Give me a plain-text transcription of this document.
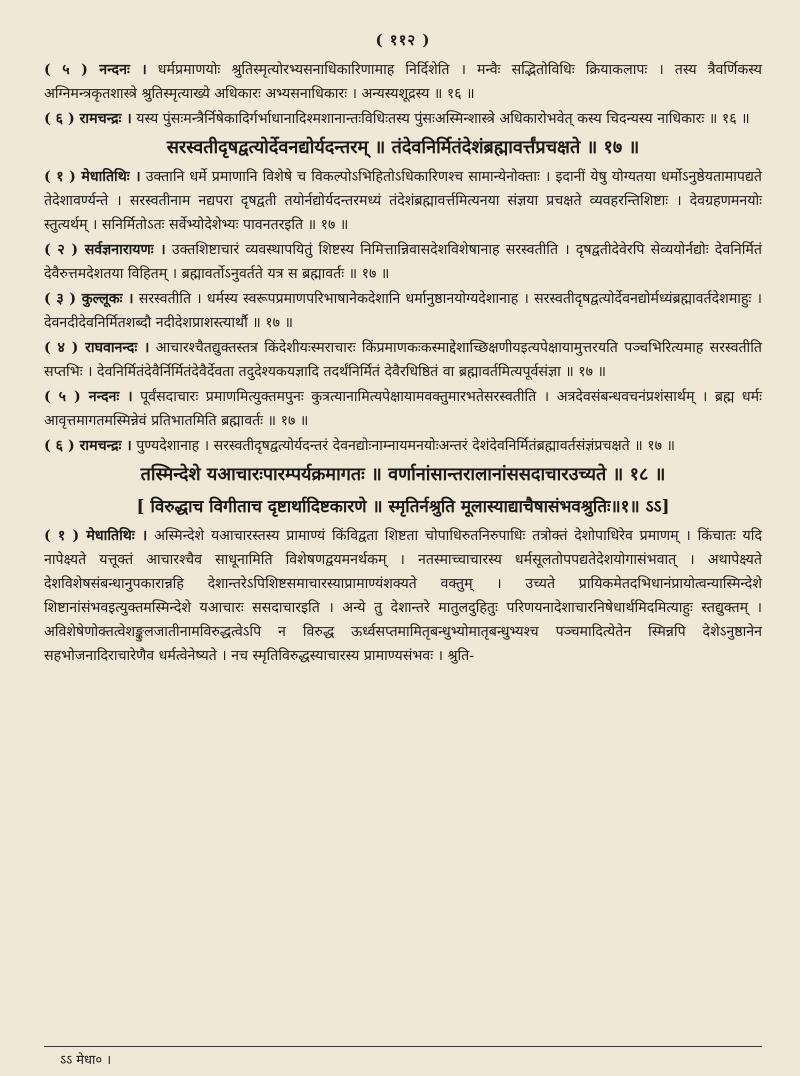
( ११२ )

( ५ ) नन्दनः । धर्मप्रमाणयोः श्रुतिस्मृत्योरभ्यसनाधिकारिणामाह निर्दिशेति । मन्वैः सद्भितोविधिः क्रियाकलापः । तस्य त्रैवर्णिकस्य अग्निमन्त्रकृतशास्त्रे श्रुतिस्मृत्याख्ये अधिकारः अभ्यसनाधिकारः । अन्यस्यशूद्रस्य ॥ १६ ॥

( ६ ) रामचन्द्रः । यस्य पुंसःमन्त्रैर्निषेकादिर्गर्भाधानादिश्मशानान्तःविधिःतस्य पुंसःअस्मिन्शास्त्रे अधिकारोभवेत् कस्य चिदन्यस्य नाधिकारः ॥ १६ ॥

सरस्वतीदृषद्वत्योर्देवनद्योर्यदन्तरम् ॥ तंदेवनिर्मितंदेशंब्रह्मावर्त्तंप्रचक्षते ॥ १७ ॥

( १ ) मेधातिथिः । उक्तानि धर्मे प्रमाणानि विशेषे च विकल्पोऽभिहितोऽधिकारिणश्च सामान्येनोक्ताः । इदानीं येषु योग्यतया धर्मोऽनुष्ठेयतामापद्यते तेदेशावर्ण्यन्ते । सरस्वतीनाम नद्यपरा दृषद्वती तयोर्नद्योर्यदन्तरमध्यं तंदेशंब्रह्मावर्त्तमित्यनया संज्ञया प्रचक्षते व्यवहरन्तिशिष्टाः । देवग्रहणमनयोः स्तुत्यर्थम् । सनिर्मितोऽतः सर्वेभ्योदेशेभ्यः पावनतरइति ॥ १७ ॥

( २ ) सर्वज्ञनारायणः । उक्तशिष्टाचारं व्यवस्थापयितुं शिष्टस्य निमित्तान्निवासदेशविशेषानाह सरस्वतीति । दृषद्वतीदेवेरपि सेव्ययोर्नद्योः देवनिर्मितं देवैरुत्तमदेशतया विहितम् । ब्रह्मावर्तोऽनुवर्तते यत्र स ब्रह्मावर्तः ॥ १७ ॥

( ३ ) कुल्लूकः । सरस्वतीति । धर्मस्य स्वरूपप्रमाणपरिभाषानेकदेशानि धर्मानुष्ठानयोग्यदेशानाह । सरस्वतीदृषद्वत्योर्देवनद्योर्मध्यंब्रह्मावर्तदेशमाहुः । देवनदीदेवनिर्मितशब्दौ नदीदेशप्राशस्त्यार्थौ ॥ १७ ॥

( ४ ) राघवानन्दः । आचारश्चैतद्युक्तस्तत्र किंदेशीयःस्मराचारः किंप्रमाणकःकस्माद्देशाच्छिक्षणीयइत्यपेक्षायामुत्तरयति पञ्चभिरित्यमाह सरस्वतीति सप्तभिः । देवनिर्मितंदेवैर्निर्मितंदेवैर्देवता तदुदेश्यकयज्ञादि तदर्थंनिर्मितं देवैरधिष्ठितं वा ब्रह्मावर्तमित्यपूर्वसंज्ञा ॥ १७ ॥

( ५ ) नन्दनः । पूर्वंसदाचारः प्रमाणमित्युक्तमपुनः कुत्रत्यानामित्यपेक्षायामवक्तुमारभतेसरस्वतीति । अत्रदेवसंबन्धवचनंप्रशंसार्थम् । ब्रह्म धर्मः आवृत्तमागतमस्मिन्नेवं प्रतिभातमिति ब्रह्मावर्तः ॥ १७ ॥

( ६ ) रामचन्द्रः । पुण्यदेशानाह । सरस्वतीदृषद्वत्योर्यदन्तरं देवनद्योःनाम्नायमनयोःअन्तरं देशंदेवनिर्मितंब्रह्मावर्तसंज्ञंप्रचक्षते ॥ १७ ॥

तस्मिन्देशे यआचारःपारम्पर्यक्रमागतः ॥ वर्णानांसान्तरालानांससदाचारउच्यते ॥ १८ ॥
[ विरुद्धाच विगीताच दृष्टार्थादिष्टकारणे ॥ स्मृतिर्नश्रुति मूलास्याद्याचैषासंभवश्रुतिः॥१॥ ऽऽ]

( १ ) मेधातिथिः । अस्मिन्देशे यआचारस्तस्य प्रामाण्यं किंविद्वता शिष्टता चोपाधिरुतनिरुपाधिः तत्रोक्तं देशोपाधिरेव प्रमाणम् । किंचातः यदि नापेक्ष्यते यत्तूक्तं आचारश्चैव साधूनामिति विशेषणद्वयमनर्थकम् । नतस्माच्चाचारस्य धर्मसूलतोपपद्यतेदेशयोगासंभवात् । अथापेक्ष्यते देशविशेषसंबन्धानुपकारान्नहि देशान्तरेऽपिशिष्टसमाचारस्याप्रामाण्यंशक्यते वक्तुम् । उच्यते प्रायिकमेतदभिधानंप्रायोत्वन्यास्मिन्देशे शिष्टानांसंभवइत्युक्तमस्मिन्देशे यआचारः ससदाचारइति । अन्ये तु देशान्तरे मातुलदुहितुः परिणयनादेशाचारनिषेधार्थमिदमित्याहुः स्तद्युक्तम् । अविशेषेणोक्तत्वेशङ्कुलजातीनामविरुद्धत्वेऽपि न विरुद्ध ऊर्ध्वसप्तमामितृबन्धुभ्योमातृबन्धुभ्यश्च पञ्चमादित्येतेन स्मिन्नपि देशेऽनुष्ठानेन सहभोजनादिराचारेणैव धर्मत्वेनेष्यते । नच स्मृतिविरुद्धस्याचारस्य प्रामाण्यसंभवः । श्रुति-

ऽऽ मेधा० ।
